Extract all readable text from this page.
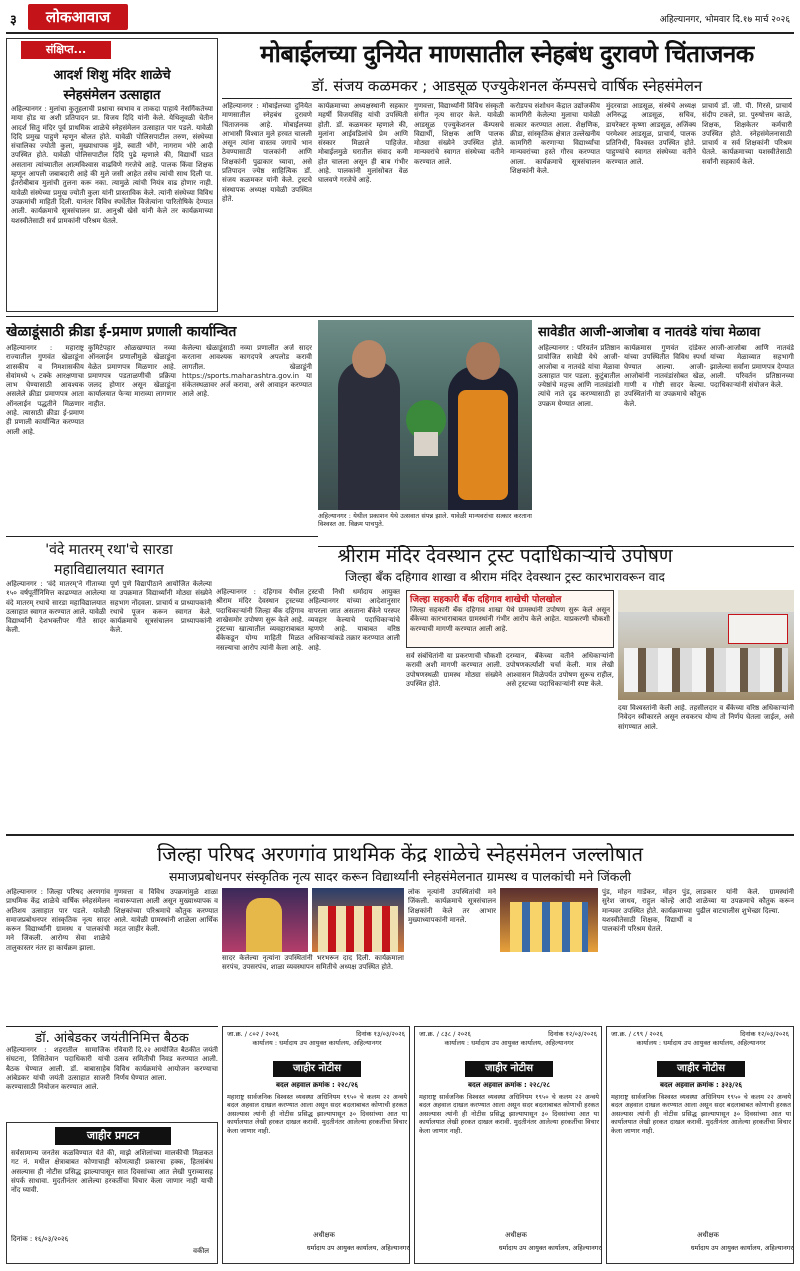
३	लोकआवाज	अहिल्यानगर, भोमवार दि.१७ मार्च २०२६
संक्षिप्त...
आदर्श शिशु मंदिर शाळेचे
स्नेहसंमेलन उत्साहात
अहिल्यानगर : मुलांचा कुतूहलाची प्रश्नाचा स्वभाव व ताकदा पाहाये नेसर्गिकतेच्या माया होड या अशी प्रतिपादन प्रा. विजय दिदि यांनी केले. येथिलूवळी चेतीन आदर्श सितु मंदिर पूर्व प्राथमिक शाळेचे स्नेहसंमेलन उत्साहात पार पडले. यावेळी दिदि प्रमुख पाहुणे म्हणून बोलत होते. यावेळी पोलिसपाटील तरुण, संस्थेच्या संचालिका ज्योती कुला, मुख्याधापक मुंडे, स्वाती भोंगे, नागराम भोरे आदी उपस्थित होते. यावेळी पोलिसपाटील दिदि पुढे म्हणाले की, विद्यार्थी घडत असताना त्यांच्यातील आत्मविश्वास वाढविणे गरजेचे आहे. पालक किंवा शिक्षक म्हणून आपली जबाबदारी आहे की मुले जसी आहेत तसेच त्यांची साथ दिली पा. ईतरोबीबाव मुलांची तुलना करू नका. त्यामुळे त्यांची नियंत्र वाढ होणार नाही. यावेळी संस्थेच्या प्रमुख ज्योती कुला यांनी प्रास्ताविक केले. त्यांनी संस्थेच्या विविध उपक्रमांची माहिती दिली. यानंतर विविध स्पर्धेतील विजेत्यांना पारितोषिके देण्यात आली. कार्यक्रमाचे सूत्रसंचालन प्रा. आनुश्री खेसे यांनी केले तर कार्यक्रमाच्या यशस्वीतेसाठी सर्व प्रामकांनी परिश्रम घेतले.
मोबाईलच्या दुनियेत माणसातील स्नेहबंध दुरावणे चिंताजनक
डॉ. संजय कळमकर ; आडसूळ एज्युकेशनल कॅम्पसचे वार्षिक स्नेहसंमेलन
अहिल्यानगर : मोबाईलच्या दुनियेत माणसातील स्नेहबंध दुरावणे चिंताजनक आहे. मोबाईलच्या आभासी विश्वात मुले हरवत चालली असून त्यांना वास्तव जगाचे भान ठेवण्यासाठी पालकांनी आणि शिक्षकांनी पुढाकार घ्यावा, असे प्रतिपादन ज्येष्ठ साहित्यिक डॉ. संजय कळमकर यांनी केले. ट्रस्टचे संस्थापक अध्यक्ष यावेळी उपस्थित होते.
कार्यक्रमाच्या अध्यक्षस्थानी सहकार महर्षी विजयसिंह यांची उपस्थिती होती. डॉ. कळमकर म्हणाले की, मुलांना आईवडिलांचे प्रेम आणि संस्कार मिळाले पाहिजेत. मोबाईलमुळे घरातील संवाद कमी होत चालला असून ही बाब गंभीर आहे. पालकांनी मुलांसोबत वेळ घालवणे गरजेचे आहे.
गुणवत्ता, विद्यार्थ्यांनी विविध संस्कृती संगीत नृत्य सादर केले. यावेळी आडसूळ एज्युकेशनल कॅम्पसचे विद्यार्थी, शिक्षक आणि पालक मोठ्या संख्येने उपस्थित होते. मान्यवरांचे स्वागत संस्थेच्या वतीने करण्यात आले.
करोडपच संशोधन केंद्रात उद्योजकीय कामगिरी केलेल्या मुलाचा यावेळी सत्कार करण्यात आला. शैक्षणिक, क्रीडा, सांस्कृतिक क्षेत्रात उल्लेखनीय कामगिरी करणाऱ्या विद्यार्थ्यांचा मान्यवरांच्या हस्ते गौरव करण्यात आला. कार्यक्रमाचे सूत्रसंचालन शिक्षकांनी केले.
मुंदरवाडा आडसूळ, संस्थेचे अध्यक्ष अनिरुद्ध आडसूळ, सचिव, डायरेक्टर कृष्णा आडसूळ, अजिंक्य परमेश्वर आडसूळ, प्राचार्य, पालक प्रतिनिधी, विश्वस्त उपस्थित होते. पाहुण्यांचे स्वागत संस्थेच्या वतीने करण्यात आले.
प्राचार्य डॉ. जी. पी. गिरसे, प्राचार्य संदीप टकले, प्रा. पुरुषोत्तम काळे, शिक्षक, शिक्षकेतर कर्मचारी उपस्थित होते. स्नेहसंमेलनासाठी प्राचार्य व सर्व शिक्षकांनी परिश्रम घेतले. कार्यक्रमाच्या यशस्वीतेसाठी सर्वांनी सहकार्य केले.
खेळाडूंसाठी क्रीडा ई-प्रमाण प्रणाली कार्यान्वित
अहिल्यानगर : महाराष्ट्र राज्यातील गुणवंत खेळाडूंना शासकीय व निमशासकीय सेवांमध्ये ५ टक्के आरक्षणाचा लाभ घेण्यासाठी आवश्यक असलेले क्रीडा प्रमाणपत्र आता ऑनलाईन पद्धतीने मिळणार आहे. त्यासाठी क्रीडा ई-प्रमाण ही प्रणाली कार्यान्वित करण्यात आली आहे.
कुमिटेपहार ओळखण्यात नव्या ऑनलाईन प्रणालीमुळे खेळाडूंना वेळेत प्रमाणपत्र मिळणार आहे. प्रमाणपत्र पडताळणीची प्रक्रिया जलद होणार असून खेळाडूंना कार्यालयात फेऱ्या माराव्या लागणार नाहीत.
केलेल्या खेळाडूंसाठी नव्या प्रणालीत अर्ज सादर करताना आवश्यक कागदपत्रे अपलोड करावी लागतील. खेळाडूंनी https://sports.maharashtra.gov.in या संकेतस्थळावर अर्ज करावा, असे आवाहन करण्यात आले आहे.
अहिल्यानगर : येथील प्रकाशन येथे उत्सवात संपन्न झाले. यावेळी मान्यवरांचा सत्कार करताना विश्वस्त आ. विक्रम पाचपुते.
सावेडीत आजी-आजोबा व नातवंडे यांचा मेळावा
अहिल्यानगर : परिवर्तन प्रतिष्ठान प्रायोजित सावेडी येथे आजी-आजोबा व नातवंडे यांचा मेळावा उत्साहात पार पडला. कुटुंबातील ज्येष्ठांचे महत्त्व आणि नातवंडांशी त्यांचे नाते दृढ करण्यासाठी हा उपक्रम घेण्यात आला.
कार्यक्रमास गुणवंत दांडेकर यांच्या उपस्थितीत विविध स्पर्धा घेण्यात आल्या. आजी-आजोबांनी नातवंडांसोबत खेळ, गाणी व गोष्टी सादर केल्या. उपस्थितांनी या उपक्रमाचे कौतुक केले.
आजी-आजोबा आणि नातवंडे यांच्या मेळाव्यात सहभागी झालेल्या सर्वांना प्रमाणपत्र देण्यात आली. परिवर्तन प्रतिष्ठानच्या पदाधिकाऱ्यांनी संयोजन केले.
'वंदे मातरम् रथा'चे सारडा
महाविद्यालयात स्वागत
अहिल्यानगर : 'वंदे मातरम्'ने गीताच्या १५० वर्षपूर्तीनिमित्त काढण्यात आलेल्या वंदे मातरम् रथाचे सारडा महाविद्यालयात उत्साहात स्वागत करण्यात आले. यावेळी विद्यार्थ्यांनी देशभक्तीपर गीते सादर केली.
पूर्ण पुणे विद्यापीठाने आयोजित केलेल्या या उपक्रमात विद्यार्थ्यांनी मोठ्या संख्येने सहभाग नोंदवला. प्राचार्य व प्राध्यापकांनी रथाचे पूजन करून स्वागत केले. कार्यक्रमाचे सूत्रसंचालन प्राध्यापकांनी केले.
श्रीराम मंदिर देवस्थान ट्रस्ट पदाधिकाऱ्यांचे उपोषण
जिल्हा बँक दहिगाव शाखा व श्रीराम मंदिर देवस्थान ट्रस्ट कारभारावरून वाद
अहिल्यानगर : दहिगाव येथील श्रीराम मंदिर देवस्थान ट्रस्टच्या पदाधिकाऱ्यांनी जिल्हा बँक दहिगाव शाखेसमोर उपोषण सुरू केले आहे. ट्रस्टच्या खात्यातील व्यवहाराबाबत बँकेकडून योग्य माहिती मिळत नसल्याचा आरोप त्यांनी केला आहे.
ट्रस्टची निधी धर्मादाय आयुक्त अहिल्यानगर यांच्या आदेशानुसार वापरला जात असताना बँकेने परस्पर व्यवहार केल्याचे पदाधिकाऱ्यांचे म्हणणे आहे. याबाबत वरिष्ठ अधिकाऱ्यांकडे तक्रार करण्यात आली आहे.
जिल्हा सहकारी बँक दहिगाव शाखेची पोलखोल
जिल्हा सहकारी बँक दहिगाव शाखा येथे ग्रामस्थांनी उपोषण सुरू केले असून बँकेच्या कारभाराबाबत ग्रामस्थांनी गंभीर आरोप केले आहेत. याप्रकरणी चौकशी करण्याची मागणी करण्यात आली आहे.
सर्व संबंधितांनी या प्रकरणाची चौकशी करावी अशी मागणी करण्यात आली. उपोषणस्थळी ग्रामस्थ मोठ्या संख्येने उपस्थित होते.
दरम्यान, बँकेच्या वतीने अधिकाऱ्यांनी उपोषणकर्त्यांशी चर्चा केली. मात्र लेखी आश्वासन मिळेपर्यंत उपोषण सुरूच राहील, असे ट्रस्टच्या पदाधिकाऱ्यांनी स्पष्ट केले.
दया विश्वस्तांनी केली आहे. तहसीलदार व बँकेच्या वरिष्ठ अधिकाऱ्यांनी निवेदन स्वीकारले असून लवकरच योग्य तो निर्णय घेतला जाईल, असे सांगण्यात आले.
जिल्हा परिषद अरणगांव प्राथमिक केंद्र शाळेचे स्नेहसंमेलन जल्लोषात
समाजप्रबोधनपर संस्कृतिक नृत्य सादर करून विद्यार्थ्यांनी स्नेहसंमेलनात ग्रामस्थ व पालकांची मने जिंकली
अहिल्यानगर : जिल्हा परिषद अरणगांव प्राथमिक केंद्र शाळेचे वार्षिक स्नेहसंमेलन अतिशय उत्साहात पार पडले. यावेळी समाजप्रबोधनपर सांस्कृतिक नृत्य सादर करून विद्यार्थ्यांनी ग्रामस्थ व पालकांची मने जिंकली. आरोग्य सेवा शाळेचे तालुकास्तर नंतर हा कार्यक्रम झाला.
गुणवत्ता व विविध उपक्रमांमुळे शाळा नावारूपाला आली असून मुख्याध्यापक व शिक्षकांच्या परिश्रमाचे कौतुक करण्यात आले. यावेळी ग्रामस्थांनी शाळेला आर्थिक मदत जाहीर केली.
सादर केलेल्या नृत्यांना उपस्थितांनी भरभरून दाद दिली. कार्यक्रमाला सरपंच, उपसरपंच, शाळा व्यवस्थापन समितीचे अध्यक्ष उपस्थित होते.
लोक नृत्यांनी उपस्थितांची मने जिंकली. कार्यक्रमाचे सूत्रसंचालन शिक्षकांनी केले तर आभार मुख्याध्यापकांनी मानले.
पुंड, मोहन गाडेकर, मोहन पुंड, सुरेश जाधव, राहुल कोल्हे आदी मान्यवर उपस्थित होते. कार्यक्रमाच्या यशस्वीतेसाठी शिक्षक, विद्यार्थी व पालकांनी परिश्रम घेतले.
लाडकार यांनी केले. ग्रामस्थांनी शाळेच्या या उपक्रमाचे कौतुक करून पुढील वाटचालीस शुभेच्छा दिल्या.
डॉ. आंबेडकर जयंतीनिमित्त बैठक
अहिल्यानगर : शहरातील सामाजिक संघटना, तिसितेवान पदाधिकारी यांची बैठक घेण्यात आली. डॉ. बाबासाहेब आंबेडकर यांची जयंती उत्साहात साजरी करण्यासाठी नियोजन करण्यात आले.
रविवारी दि.२२ आयोजित बैठकीत जयंती उत्सव समितीची निवड करण्यात आली. विविध कार्यक्रमांचे आयोजन करण्याचा निर्णय घेण्यात आला.
जाहीर प्रगटन
सर्वसामान्य जनतेस कळविण्यात येते की, माझे अशिलांच्या मालकीची मिळकत गट नं. मधील क्षेत्राबाबत कोणाचाही कोणत्याही प्रकारचा हक्क, हितसंबंध असल्यास ही नोटीस प्रसिद्ध झाल्यापासून सात दिवसांच्या आत लेखी पुराव्यासह संपर्क साधावा. मुदतीनंतर आलेल्या हरकतींचा विचार केला जाणार नाही याची नोंद घ्यावी.
दिनांक : १६/०३/२०२६
वकील
जा.क्र. / ८०२ / २०२६	दिनांक १३/०३/२०२६
कार्यालय : धर्मादाय उप आयुक्त कार्यालय, अहिल्यानगर
जाहीर नोटीस
बदल अहवाल क्रमांक : २२८/२६
महाराष्ट्र सार्वजनिक विश्वस्त व्यवस्था अधिनियम १९५० चे कलम २२ अन्वये बदल अहवाल दाखल करण्यात आला असून सदर बदलाबाबत कोणाची हरकत असल्यास त्यांनी ही नोटीस प्रसिद्ध झाल्यापासून ३० दिवसांच्या आत या कार्यालयात लेखी हरकत दाखल करावी. मुदतीनंतर आलेल्या हरकतींचा विचार केला जाणार नाही.
अधीक्षक
धर्मादाय उप आयुक्त कार्यालय, अहिल्यानगर
जा.क्र. / ८३८ / २०२६	दिनांक १२/०३/२०२६
कार्यालय : धर्मादाय उप आयुक्त कार्यालय, अहिल्यानगर
जाहीर नोटीस
बदल अहवाल क्रमांक : २२८/२८
महाराष्ट्र सार्वजनिक विश्वस्त व्यवस्था अधिनियम १९५० चे कलम २२ अन्वये बदल अहवाल दाखल करण्यात आला असून सदर बदलाबाबत कोणाची हरकत असल्यास त्यांनी ही नोटीस प्रसिद्ध झाल्यापासून ३० दिवसांच्या आत या कार्यालयात लेखी हरकत दाखल करावी. मुदतीनंतर आलेल्या हरकतींचा विचार केला जाणार नाही.
अधीक्षक
धर्मादाय उप आयुक्त कार्यालय, अहिल्यानगर
जा.क्र. / ८९९ / २०२६	दिनांक १२/०३/२०२६
कार्यालय : धर्मादाय उप आयुक्त कार्यालय, अहिल्यानगर
जाहीर नोटीस
बदल अहवाल क्रमांक : ३२३/२६
महाराष्ट्र सार्वजनिक विश्वस्त व्यवस्था अधिनियम १९५० चे कलम २२ अन्वये बदल अहवाल दाखल करण्यात आला असून सदर बदलाबाबत कोणाची हरकत असल्यास त्यांनी ही नोटीस प्रसिद्ध झाल्यापासून ३० दिवसांच्या आत या कार्यालयात लेखी हरकत दाखल करावी. मुदतीनंतर आलेल्या हरकतींचा विचार केला जाणार नाही.
अधीक्षक
धर्मादाय उप आयुक्त कार्यालय, अहिल्यानगर
